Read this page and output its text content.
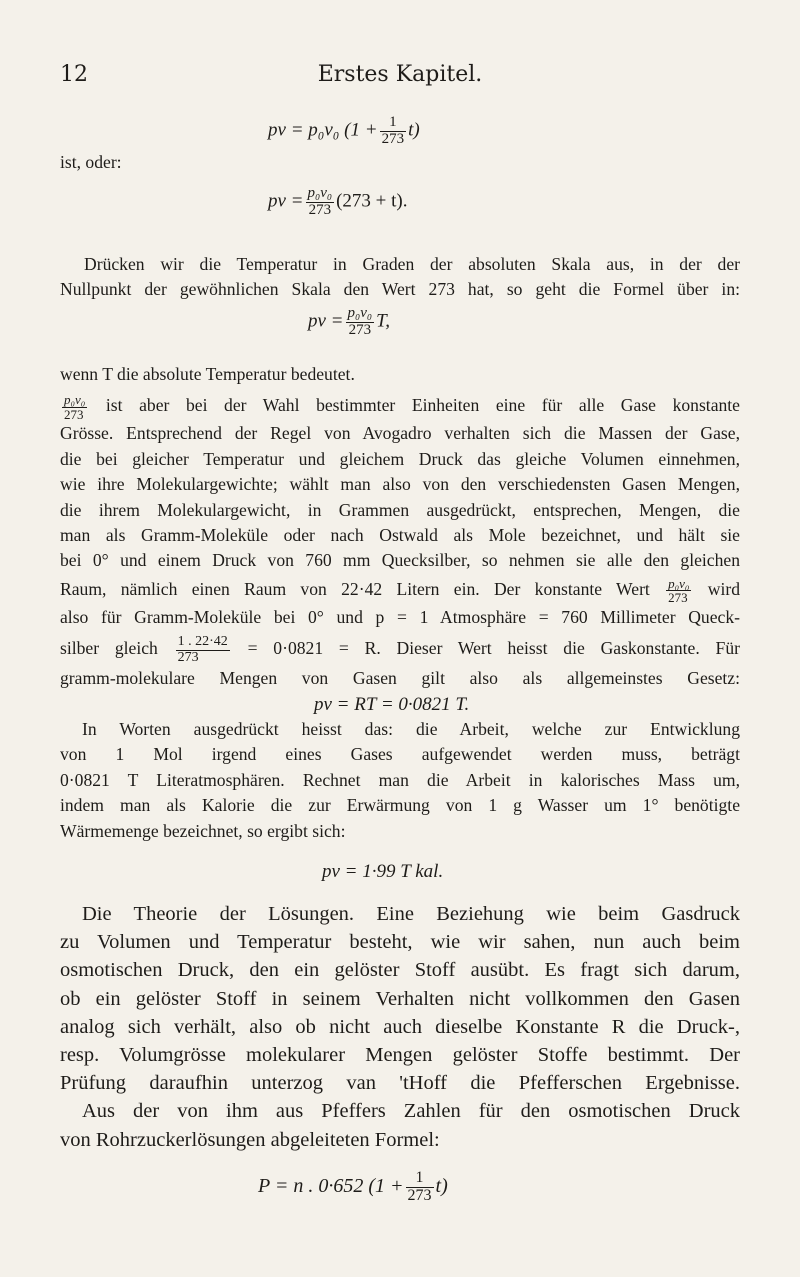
12	Erstes Kapitel.
pv = p₀v₀ $(1 + \frac{1}{273} t)$
ist, oder:
pv = $\frac{\text{p₀v₀}}{273} (273 + t)$.
Drücken wir die Temperatur in Graden der absoluten Skala aus, in der der
Nullpunkt der gewöhnlichen Skala den Wert 273 hat, so geht die Formel über in:
pv = $\frac{\text{p₀v₀}}{273} T$,
wenn T die absolute Temperatur bedeutet.
$\frac{\text{p₀v₀}}{273}$ ist aber bei der Wahl bestimmter Einheiten eine für alle Gase konstante
Grösse. Entsprechend der Regel von Avogadro verhalten sich die Massen der Gase,
die bei gleicher Temperatur und gleichem Druck das gleiche Volumen einnehmen,
wie ihre Molekulargewichte; wählt man also von den verschiedensten Gasen Mengen,
die ihrem Molekulargewicht, in Grammen ausgedrückt, entsprechen, Mengen, die
man als Gramm-Moleküle oder nach Ostwald als Mole bezeichnet, und hält sie
bei 0° und einem Druck von 760 mm Quecksilber, so nehmen sie alle den gleichen
Raum, nämlich einen Raum von 22·42 Litern ein. Der konstante Wert $\frac{\text{p₀v₀}}{273}$ wird
also für Gramm-Moleküle bei 0° und p = 1 Atmosphäre = 760 Millimeter Queck-
silber gleich $\frac{1 . 22\cdot 42}{273} = 0\cdot 0821 = R$. Dieser Wert heisst die Gaskonstante. Für
gramm-molekulare Mengen von Gasen gilt also als allgemeinstes Gesetz:
pv = RT = 0·0821 T.
In Worten ausgedrückt heisst das: die Arbeit, welche zur Entwicklung
von 1 Mol irgend eines Gases aufgewendet werden muss, beträgt
0·0821 T Literatmosphären. Rechnet man die Arbeit in kalorisches Mass um,
indem man als Kalorie die zur Erwärmung von 1 g Wasser um 1° benötigte
Wärmemenge bezeichnet, so ergibt sich:
pv = 1·99 T kal.
Die Theorie der Lösungen. Eine Beziehung wie beim Gasdruck
zu Volumen und Temperatur besteht, wie wir sahen, nun auch beim
osmotischen Druck, den ein gelöster Stoff ausübt. Es fragt sich darum,
ob ein gelöster Stoff in seinem Verhalten nicht vollkommen den Gasen
analog sich verhält, also ob nicht auch dieselbe Konstante R die Druck-,
resp. Volumgrösse molekularer Mengen gelöster Stoffe bestimmt. Der
Prüfung daraufhin unterzog van 'tHoff die Pfefferschen Ergebnisse.
Aus der von ihm aus Pfeffers Zahlen für den osmotischen Druck
von Rohrzuckerlösungen abgeleiteten Formel:
P = n . 0·652 $(1 + \frac{1}{273} t)$
